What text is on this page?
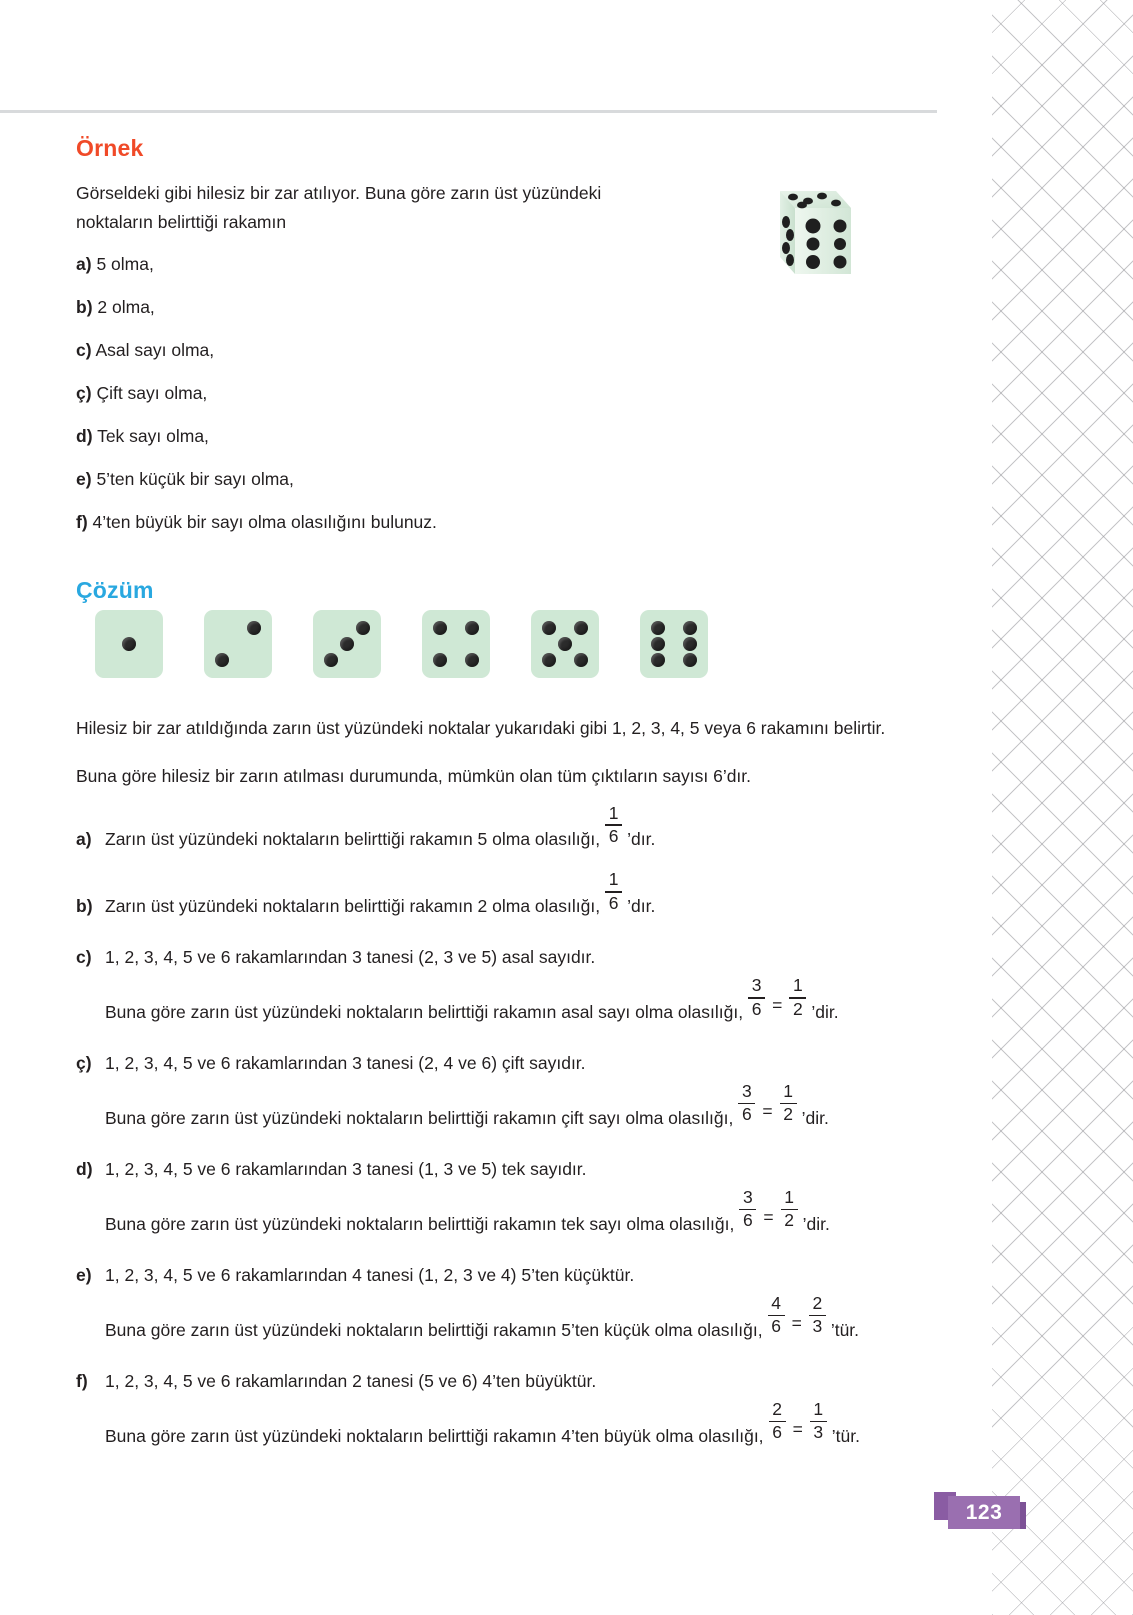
Örnek

Görseldeki gibi hilesiz bir zar atılıyor. Buna göre zarın üst yüzündeki noktaların belirttiği rakamın

a) 5 olma,

b) 2 olma,

c) Asal sayı olma,

ç) Çift sayı olma,

d) Tek sayı olma,

e) 5’ten küçük bir sayı olma,

f) 4’ten büyük bir sayı olma olasılığını bulunuz.

Çözüm

Hilesiz bir zar atıldığında zarın üst yüzündeki noktalar yukarıdaki gibi 1, 2, 3, 4, 5 veya 6 rakamını belirtir.

Buna göre hilesiz bir zarın atılması durumunda, mümkün olan tüm çıktıların sayısı 6’dır.

a) Zarın üst yüzündeki noktaların belirttiği rakamın 5 olma olasılığı, $\frac{1}{6}$ ’dır.
b) Zarın üst yüzündeki noktaların belirttiği rakamın 2 olma olasılığı, $\frac{1}{6}$ ’dır.
c) 1, 2, 3, 4, 5 ve 6 rakamlarından 3 tanesi (2, 3 ve 5) asal sayıdır.
Buna göre zarın üst yüzündeki noktaların belirttiği rakamın asal sayı olma olasılığı, $\frac{3}{6} = \frac{1}{2}$ ’dir.
ç) 1, 2, 3, 4, 5 ve 6 rakamlarından 3 tanesi (2, 4 ve 6) çift sayıdır.
Buna göre zarın üst yüzündeki noktaların belirttiği rakamın çift sayı olma olasılığı, $\frac{3}{6} = \frac{1}{2}$ ’dir.
d) 1, 2, 3, 4, 5 ve 6 rakamlarından 3 tanesi (1, 3 ve 5) tek sayıdır.
Buna göre zarın üst yüzündeki noktaların belirttiği rakamın tek sayı olma olasılığı, $\frac{3}{6} = \frac{1}{2}$ ’dir.
e) 1, 2, 3, 4, 5 ve 6 rakamlarından 4 tanesi (1, 2, 3 ve 4) 5’ten küçüktür.
Buna göre zarın üst yüzündeki noktaların belirttiği rakamın 5’ten küçük olma olasılığı, $\frac{4}{6} = \frac{2}{3}$ ’tür.
f) 1, 2, 3, 4, 5 ve 6 rakamlarından 2 tanesi (5 ve 6) 4’ten büyüktür.
Buna göre zarın üst yüzündeki noktaların belirttiği rakamın 4’ten büyük olma olasılığı, $\frac{2}{6} = \frac{1}{3}$ ’tür.
123
